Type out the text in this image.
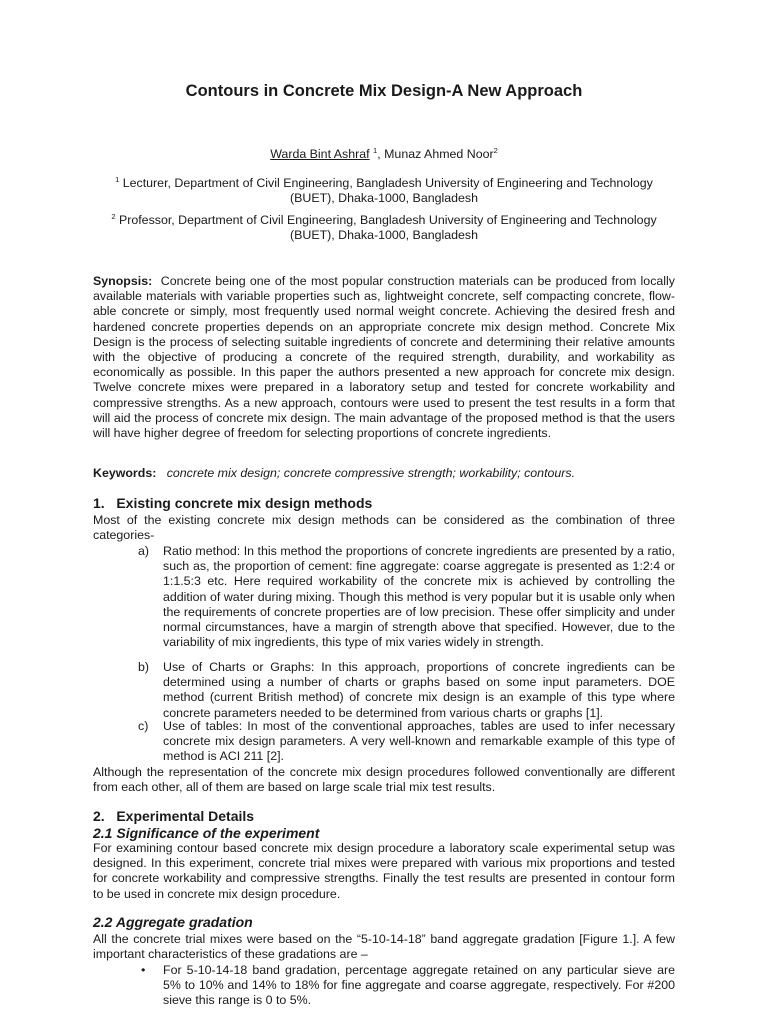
Contours in Concrete Mix Design-A New Approach
Warda Bint Ashraf $^1$, Munaz Ahmed Noor$^2$
$^1$ Lecturer, Department of Civil Engineering, Bangladesh University of Engineering and Technology (BUET), Dhaka-1000, Bangladesh
$^2$ Professor, Department of Civil Engineering, Bangladesh University of Engineering and Technology (BUET), Dhaka-1000, Bangladesh
Synopsis: Concrete being one of the most popular construction materials can be produced from locally available materials with variable properties such as, lightweight concrete, self compacting concrete, flow-able concrete or simply, most frequently used normal weight concrete. Achieving the desired fresh and hardened concrete properties depends on an appropriate concrete mix design method. Concrete Mix Design is the process of selecting suitable ingredients of concrete and determining their relative amounts with the objective of producing a concrete of the required strength, durability, and workability as economically as possible. In this paper the authors presented a new approach for concrete mix design. Twelve concrete mixes were prepared in a laboratory setup and tested for concrete workability and compressive strengths. As a new approach, contours were used to present the test results in a form that will aid the process of concrete mix design. The main advantage of the proposed method is that the users will have higher degree of freedom for selecting proportions of concrete ingredients.
Keywords: concrete mix design; concrete compressive strength; workability; contours.
1.   Existing concrete mix design methods
Most of the existing concrete mix design methods can be considered as the combination of three categories-
a)	Ratio method: In this method the proportions of concrete ingredients are presented by a ratio, such as, the proportion of cement: fine aggregate: coarse aggregate is presented as 1:2:4 or 1:1.5:3 etc. Here required workability of the concrete mix is achieved by controlling the addition of water during mixing. Though this method is very popular but it is usable only when the requirements of concrete properties are of low precision. These offer simplicity and under normal circumstances, have a margin of strength above that specified. However, due to the variability of mix ingredients, this type of mix varies widely in strength.
b)	Use of Charts or Graphs: In this approach, proportions of concrete ingredients can be determined using a number of charts or graphs based on some input parameters. DOE method (current British method) of concrete mix design is an example of this type where concrete parameters needed to be determined from various charts or graphs [1].
c)	Use of tables: In most of the conventional approaches, tables are used to infer necessary concrete mix design parameters. A very well-known and remarkable example of this type of method is ACI 211 [2].
Although the representation of the concrete mix design procedures followed conventionally are different from each other, all of them are based on large scale trial mix test results.
2.   Experimental Details
2.1 Significance of the experiment
For examining contour based concrete mix design procedure a laboratory scale experimental setup was designed. In this experiment, concrete trial mixes were prepared with various mix proportions and tested for concrete workability and compressive strengths. Finally the test results are presented in contour form to be used in concrete mix design procedure.
2.2 Aggregate gradation
All the concrete trial mixes were based on the “5-10-14-18” band aggregate gradation [Figure 1.]. A few important characteristics of these gradations are –
•	For 5-10-14-18 band gradation, percentage aggregate retained on any particular sieve are 5% to 10% and 14% to 18% for fine aggregate and coarse aggregate, respectively. For #200 sieve this range is 0 to 5%.
